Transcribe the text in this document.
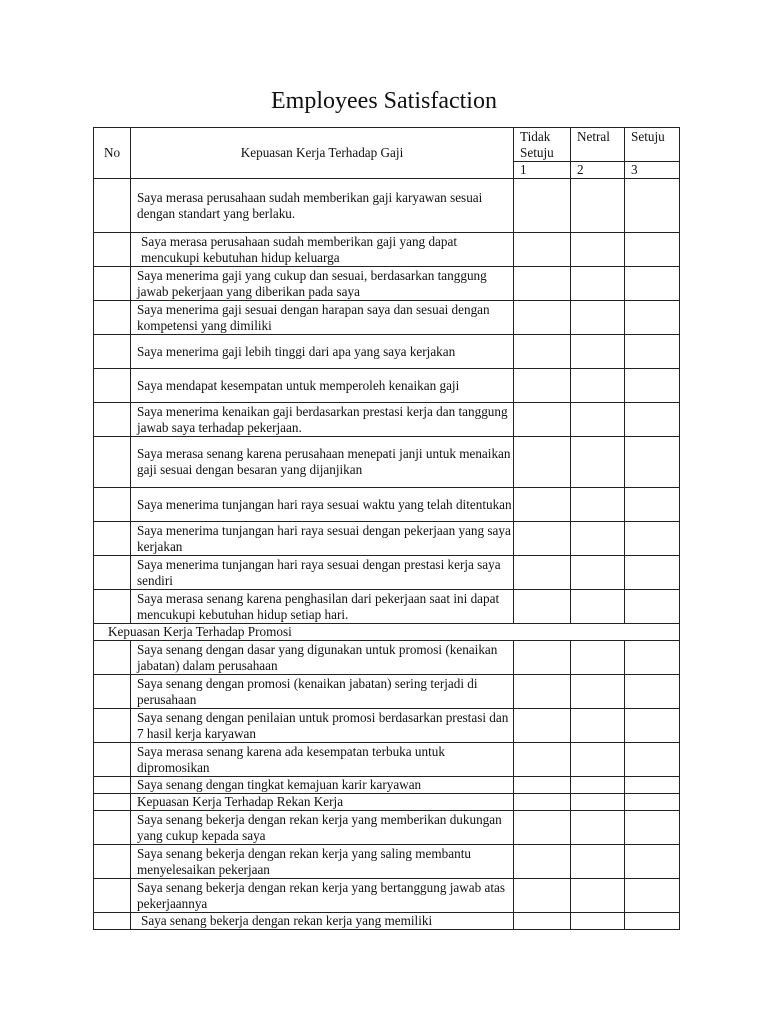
Employees Satisfaction
No	Kepuasan Kerja Terhadap Gaji	Tidak Setuju	Netral	Setuju
		1	2	3
	Saya merasa perusahaan sudah memberikan gaji karyawan sesuai dengan standart yang berlaku.			
	Saya merasa perusahaan sudah memberikan gaji yang dapat mencukupi kebutuhan hidup keluarga			
	Saya menerima gaji yang cukup dan sesuai, berdasarkan tanggung jawab pekerjaan yang diberikan pada saya			
	Saya menerima gaji sesuai dengan harapan saya dan sesuai dengan kompetensi yang dimiliki			
	Saya menerima gaji lebih tinggi dari apa yang saya kerjakan			
	Saya mendapat kesempatan untuk memperoleh kenaikan gaji			
	Saya menerima kenaikan gaji berdasarkan prestasi kerja dan tanggung jawab saya terhadap pekerjaan.			
	Saya merasa senang karena perusahaan menepati janji untuk menaikan gaji sesuai dengan besaran yang dijanjikan			
	Saya menerima tunjangan hari raya sesuai waktu yang telah ditentukan			
	Saya menerima tunjangan hari raya sesuai dengan pekerjaan yang saya kerjakan			
	Saya menerima tunjangan hari raya sesuai dengan prestasi kerja saya sendiri			
	Saya merasa senang karena penghasilan dari pekerjaan saat ini dapat mencukupi kebutuhan hidup setiap hari.			
Kepuasan Kerja Terhadap Promosi				
	Saya senang dengan dasar yang digunakan untuk promosi (kenaikan jabatan) dalam perusahaan			
	Saya senang dengan promosi (kenaikan jabatan) sering terjadi di perusahaan			
	Saya senang dengan penilaian untuk promosi berdasarkan prestasi dan 7 hasil kerja karyawan			
	Saya merasa senang karena ada kesempatan terbuka untuk dipromosikan			
	Saya senang dengan tingkat kemajuan karir karyawan			
	Kepuasan Kerja Terhadap Rekan Kerja			
	Saya senang bekerja dengan rekan kerja yang memberikan dukungan yang cukup kepada saya			
	Saya senang bekerja dengan rekan kerja yang saling membantu menyelesaikan pekerjaan			
	Saya senang bekerja dengan rekan kerja yang bertanggung jawab atas pekerjaannya			
	Saya senang bekerja dengan rekan kerja yang memiliki			
